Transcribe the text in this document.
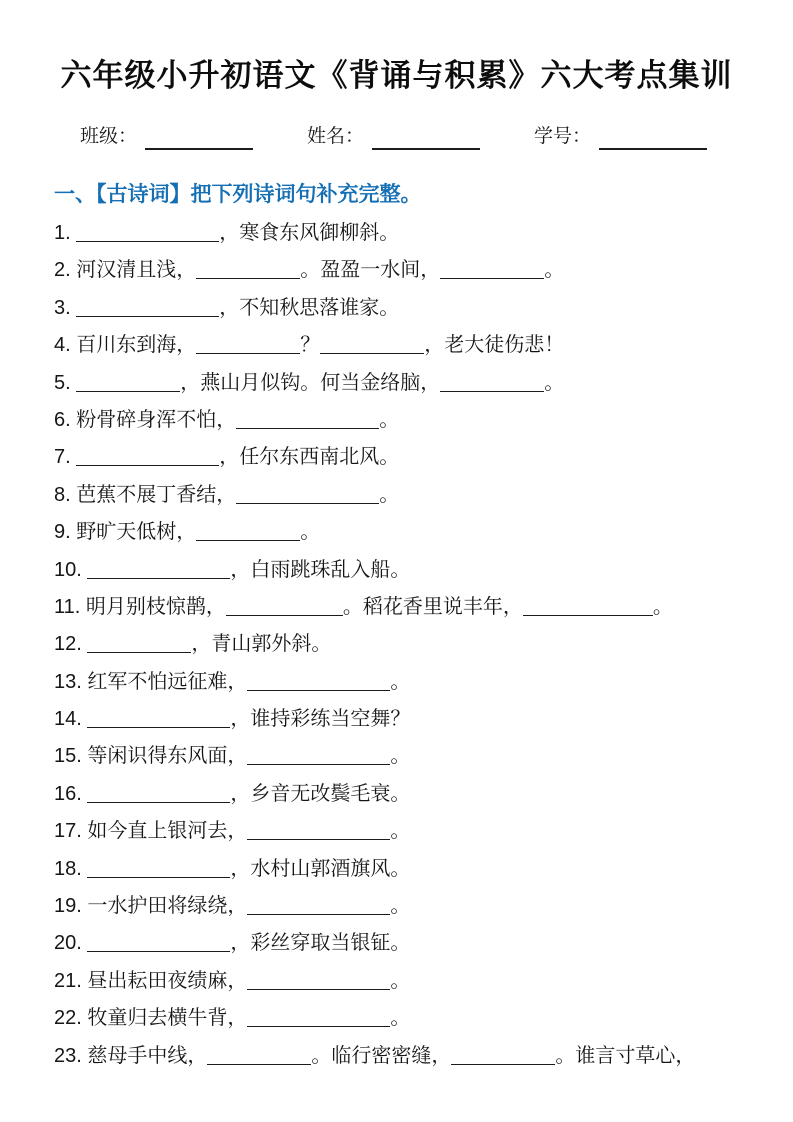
六年级小升初语文《背诵与积累》六大考点集训
班级：	姓名：	学号：
一、【古诗词】把下列诗词句补充完整。
1.	，寒食东风御柳斜。
2. 河汉清且浅，	。盈盈一水间，	。
3.	，不知秋思落谁家。
4. 百川东到海，	？	，老大徒伤悲！
5.	，燕山月似钩。何当金络脑，	。
6. 粉骨碎身浑不怕，	。
7.	，任尔东西南北风。
8. 芭蕉不展丁香结，	。
9. 野旷天低树，	。
10.	，白雨跳珠乱入船。
11. 明月别枝惊鹊，	。稻花香里说丰年，	。
12.	，青山郭外斜。
13. 红军不怕远征难，	。
14.	，谁持彩练当空舞？
15. 等闲识得东风面，	。
16.	，乡音无改鬓毛衰。
17. 如今直上银河去，	。
18.	，水村山郭酒旗风。
19. 一水护田将绿绕，	。
20.	，彩丝穿取当银钲。
21. 昼出耘田夜绩麻，	。
22. 牧童归去横牛背，	。
23. 慈母手中线，	。临行密密缝，	。谁言寸草心，
